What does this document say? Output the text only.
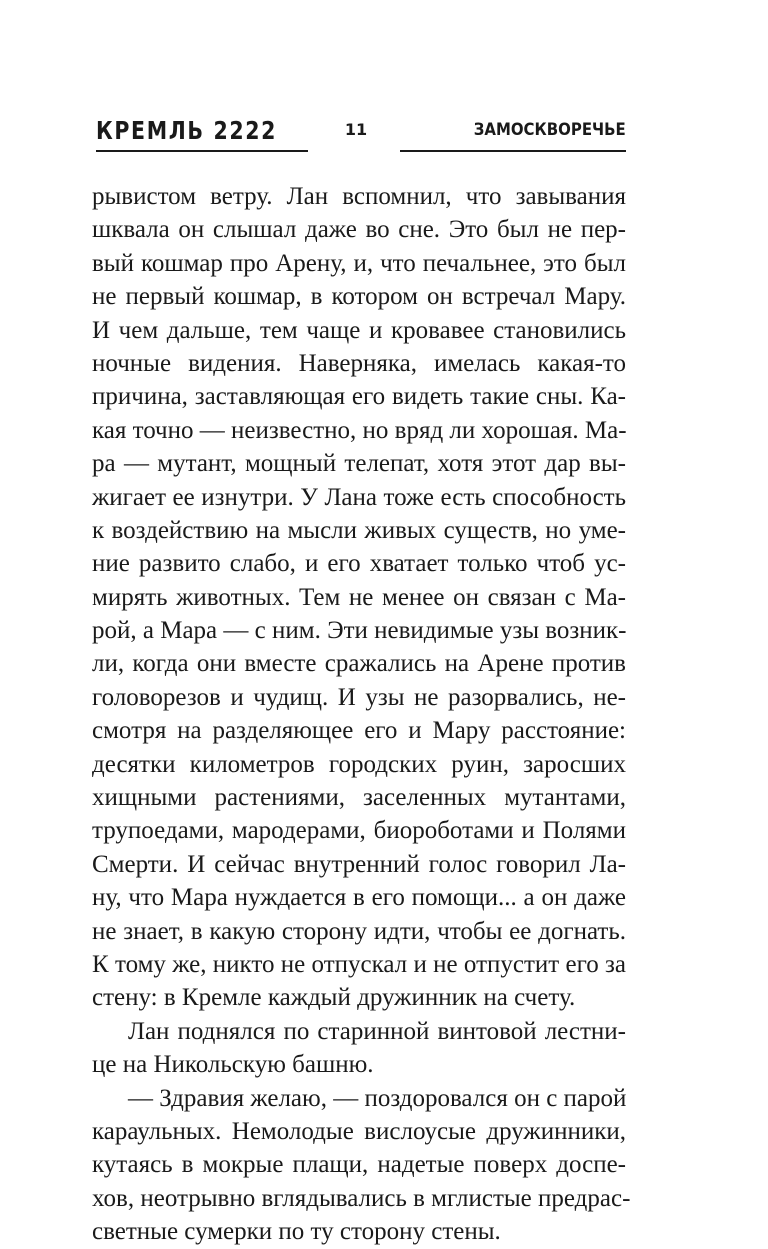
КРЕМЛЬ 2222	11	ЗАМОСКВОРЕЧЬЕ
рывистом ветру. Лан вспомнил, что завывания
шквала он слышал даже во сне. Это был не пер-
вый кошмар про Арену, и, что печальнее, это был
не первый кошмар, в котором он встречал Мару.
И чем дальше, тем чаще и кровавее становились
ночные видения. Наверняка, имелась какая-то
причина, заставляющая его видеть такие сны. Ка-
кая точно — неизвестно, но вряд ли хорошая. Ма-
ра — мутант, мощный телепат, хотя этот дар вы-
жигает ее изнутри. У Лана тоже есть способность
к воздействию на мысли живых существ, но уме-
ние развито слабо, и его хватает только чтоб ус-
мирять животных. Тем не менее он связан с Ма-
рой, а Мара — с ним. Эти невидимые узы возник-
ли, когда они вместе сражались на Арене против
головорезов и чудищ. И узы не разорвались, не-
смотря на разделяющее его и Мару расстояние:
десятки километров городских руин, заросших
хищными растениями, заселенных мутантами,
трупоедами, мародерами, биороботами и Полями
Смерти. И сейчас внутренний голос говорил Ла-
ну, что Мара нуждается в его помощи... а он даже
не знает, в какую сторону идти, чтобы ее догнать.
К тому же, никто не отпускал и не отпустит его за
стену: в Кремле каждый дружинник на счету.
Лан поднялся по старинной винтовой лестни-
це на Никольскую башню.
— Здравия желаю, — поздоровался он с парой
караульных. Немолодые вислоусые дружинники,
кутаясь в мокрые плащи, надетые поверх доспе-
хов, неотрывно вглядывались в мглистые предрас-
светные сумерки по ту сторону стены.
